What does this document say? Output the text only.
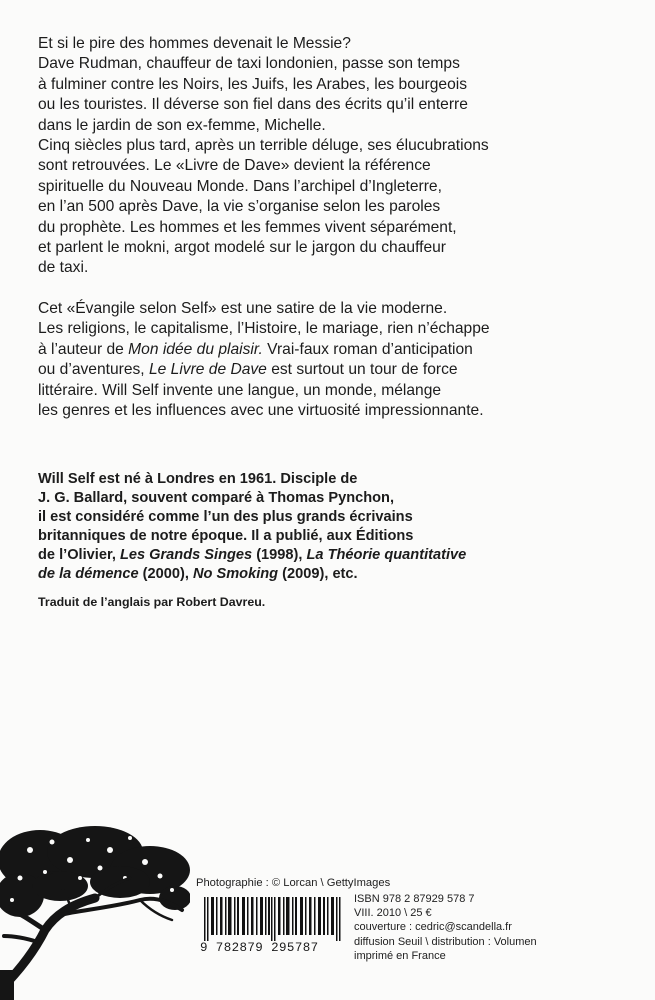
Et si le pire des hommes devenait le Messie?

Dave Rudman, chauffeur de taxi londonien, passe son temps

à fulminer contre les Noirs, les Juifs, les Arabes, les bourgeois

ou les touristes. Il déverse son fiel dans des écrits qu’il enterre

dans le jardin de son ex-femme, Michelle.

Cinq siècles plus tard, après un terrible déluge, ses élucubrations

sont retrouvées. Le «Livre de Dave» devient la référence

spirituelle du Nouveau Monde. Dans l’archipel d’Ingleterre,

en l’an 500 après Dave, la vie s’organise selon les paroles

du prophète. Les hommes et les femmes vivent séparément,

et parlent le mokni, argot modelé sur le jargon du chauffeur

de taxi.

Cet «Évangile selon Self» est une satire de la vie moderne.

Les religions, le capitalisme, l’Histoire, le mariage, rien n’échappe

à l’auteur de Mon idée du plaisir. Vrai-faux roman d’anticipation

ou d’aventures, Le Livre de Dave est surtout un tour de force

littéraire. Will Self invente une langue, un monde, mélange

les genres et les influences avec une virtuosité impressionnante.

Will Self est né à Londres en 1961. Disciple de

J. G. Ballard, souvent comparé à Thomas Pynchon,

il est considéré comme l’un des plus grands écrivains

britanniques de notre époque. Il a publié, aux Éditions

de l’Olivier, Les Grands Singes (1998), La Théorie quantitative

de la démence (2000), No Smoking (2009), etc.

Traduit de l’anglais par Robert Davreu.
Photographie : © Lorcan \ GettyImages
9 782879 295787
ISBN 978 2 87929 578 7
VIII. 2010 \ 25 €
couverture : cedric@scandella.fr
diffusion Seuil \ distribution : Volumen
imprimé en France
